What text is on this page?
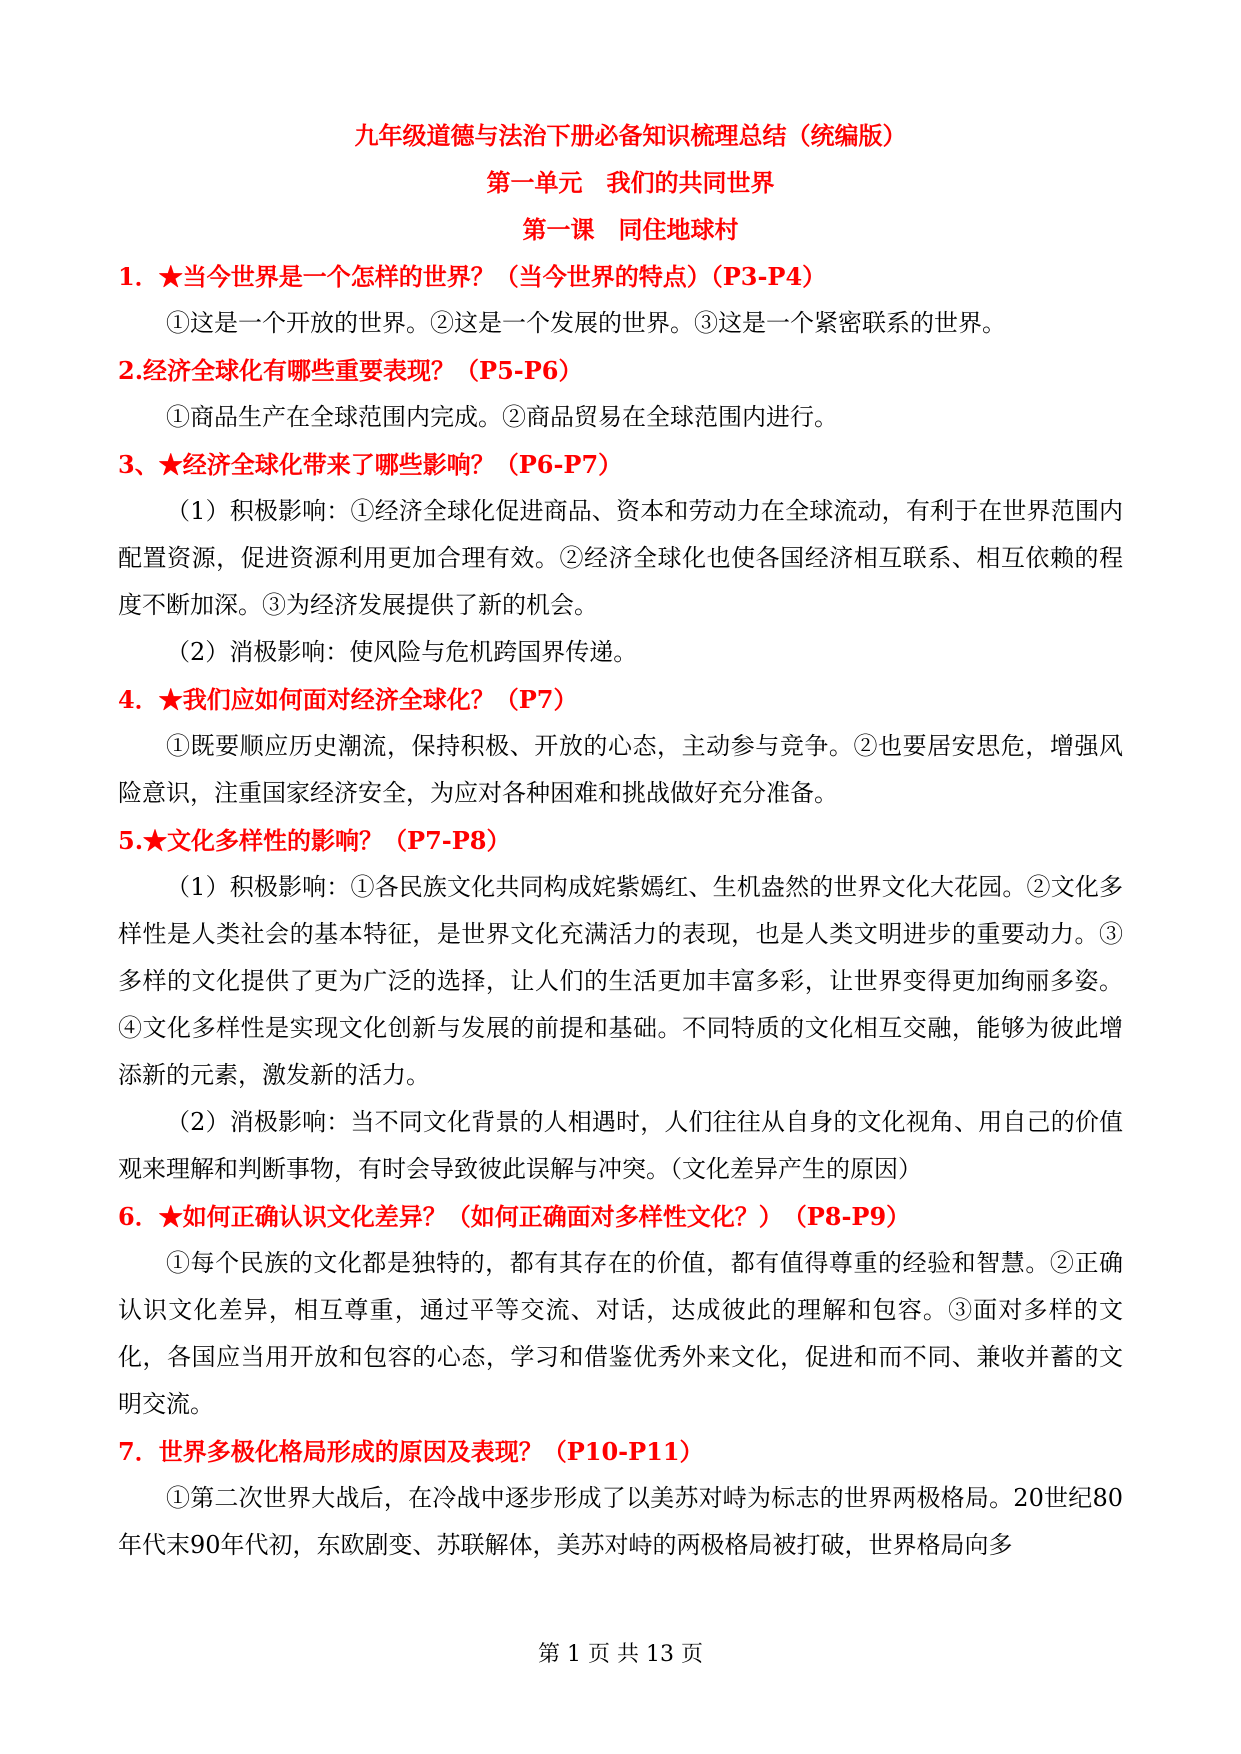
九年级道德与法治下册必备知识梳理总结（统编版）

第一单元　我们的共同世界

第一课　同住地球村

1．★当今世界是一个怎样的世界？（当今世界的特点）（P3-P4）

①这是一个开放的世界。②这是一个发展的世界。③这是一个紧密联系的世界。

2.经济全球化有哪些重要表现？（P5-P6）

①商品生产在全球范围内完成。②商品贸易在全球范围内进行。

3、★经济全球化带来了哪些影响？（P6-P7）

（1）积极影响：①经济全球化促进商品、资本和劳动力在全球流动，有利于在世界范围内配置资源，促进资源利用更加合理有效。②经济全球化也使各国经济相互联系、相互依赖的程度不断加深。③为经济发展提供了新的机会。

（2）消极影响：使风险与危机跨国界传递。

4．★我们应如何面对经济全球化？（P7）

①既要顺应历史潮流，保持积极、开放的心态，主动参与竞争。②也要居安思危，增强风险意识，注重国家经济安全，为应对各种困难和挑战做好充分准备。

5.★文化多样性的影响？（P7-P8）

（1）积极影响：①各民族文化共同构成姹紫嫣红、生机盎然的世界文化大花园。②文化多样性是人类社会的基本特征，是世界文化充满活力的表现，也是人类文明进步的重要动力。③多样的文化提供了更为广泛的选择，让人们的生活更加丰富多彩，让世界变得更加绚丽多姿。 ④文化多样性是实现文化创新与发展的前提和基础。不同特质的文化相互交融，能够为彼此增添新的元素，激发新的活力。

（2）消极影响：当不同文化背景的人相遇时，人们往往从自身的文化视角、用自己的价值观来理解和判断事物，有时会导致彼此误解与冲突。（文化差异产生的原因）

6．★如何正确认识文化差异？（如何正确面对多样性文化？）　（P8-P9）

①每个民族的文化都是独特的，都有其存在的价值，都有值得尊重的经验和智慧。②正确认识文化差异，相互尊重，通过平等交流、对话，达成彼此的理解和包容。③面对多样的文化，各国应当用开放和包容的心态，学习和借鉴优秀外来文化，促进和而不同、兼收并蓄的文明交流。

7．世界多极化格局形成的原因及表现？（P10-P11）

①第二次世界大战后，在冷战中逐步形成了以美苏对峙为标志的世界两极格局。20世纪80年代末90年代初，东欧剧变、苏联解体，美苏对峙的两极格局被打破，世界格局向多

第 1 页 共 13 页
